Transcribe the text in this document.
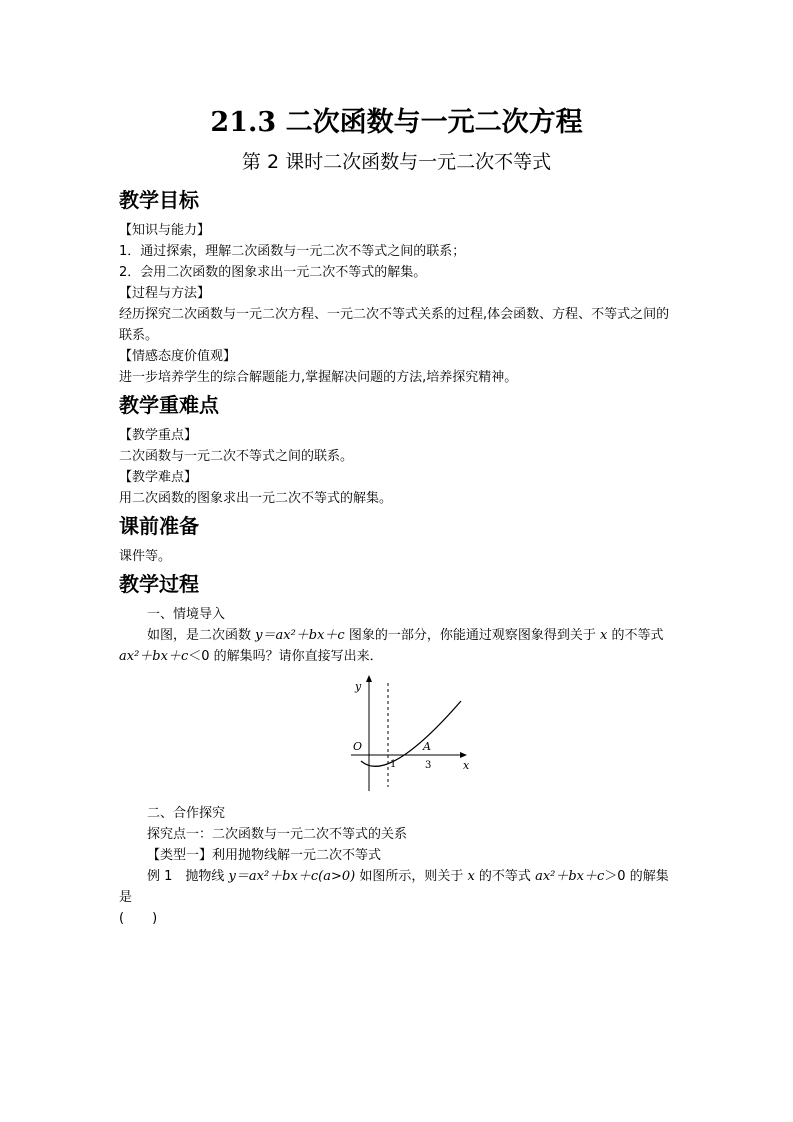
21.3 二次函数与一元二次方程
第 2 课时二次函数与一元二次不等式
教学目标

【知识与能力】

1．通过探索，理解二次函数与一元二次不等式之间的联系；

2．会用二次函数的图象求出一元二次不等式的解集。

【过程与方法】

经历探究二次函数与一元二次方程、一元二次不等式关系的过程,体会函数、方程、不等式之间的联系。

【情感态度价值观】

进一步培养学生的综合解题能力,掌握解决问题的方法,培养探究精神。

教学重难点

【教学重点】

二次函数与一元二次不等式之间的联系。

【教学难点】

用二次函数的图象求出一元二次不等式的解集。

课前准备

课件等。

教学过程

一、情境导入

如图，是二次函数 y＝ax²＋bx＋c 图象的一部分，你能通过观察图象得到关于 x 的不等式 ax²＋bx＋c＜0 的解集吗？请你直接写出来．

y
x
O
1	3
A

二、合作探究

探究点一：二次函数与一元二次不等式的关系

【类型一】利用抛物线解一元二次不等式

例 1　抛物线 y＝ax²＋bx＋c(a>0) 如图所示，则关于 x 的不等式 ax²＋bx＋c＞0 的解集是

( )
